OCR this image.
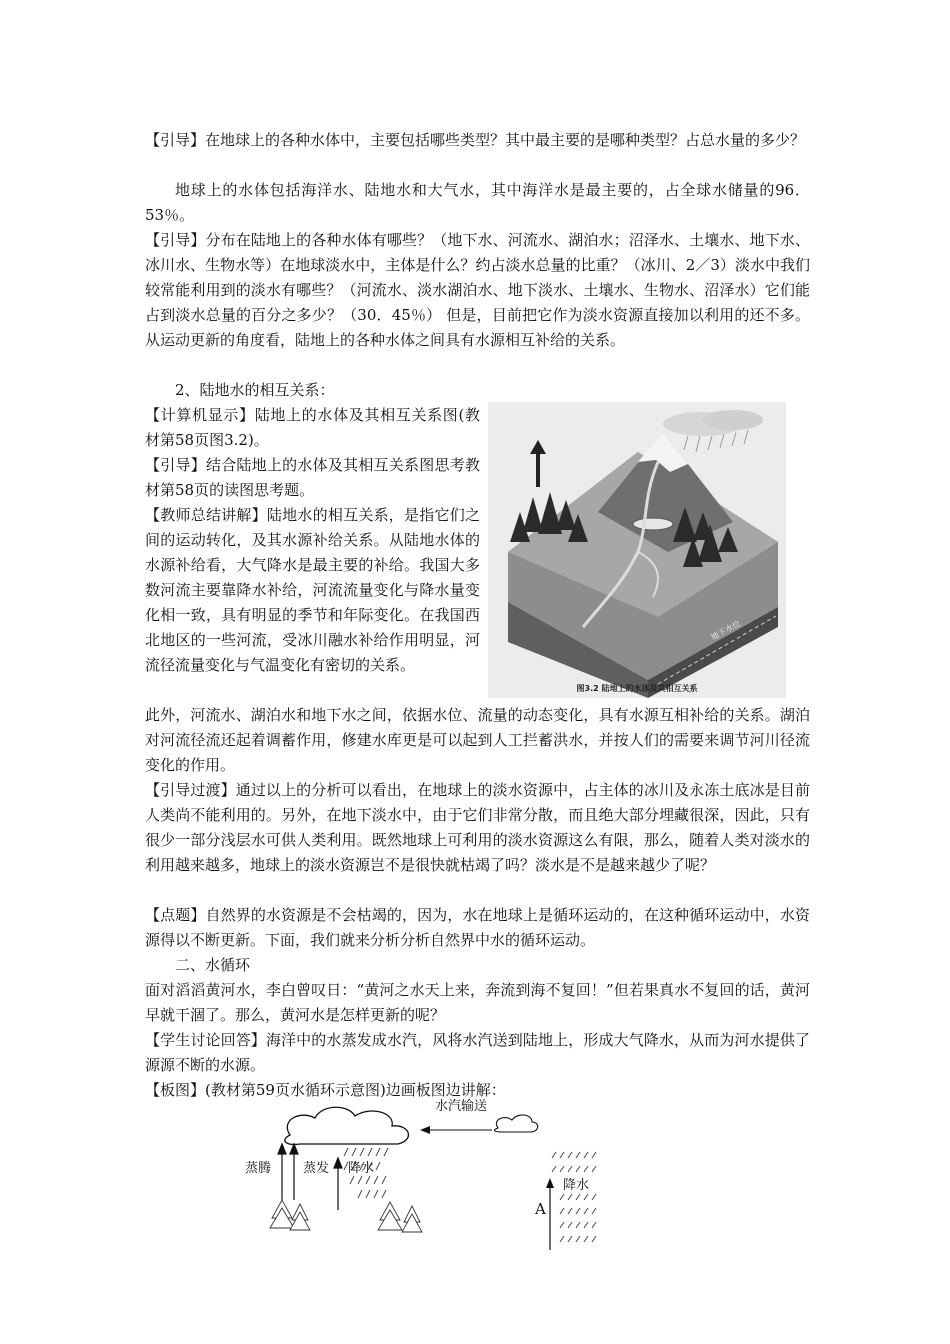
【引导】在地球上的各种水体中，主要包括哪些类型？其中最主要的是哪种类型？占总水量的多少？

地球上的水体包括海洋水、陆地水和大气水，其中海洋水是最主要的，占全球水储量的96．53％。

【引导】分布在陆地上的各种水体有哪些？（地下水、河流水、湖泊水；沼泽水、土壤水、地下水、冰川水、生物水等）在地球淡水中，主体是什么？约占淡水总量的比重？（冰川、2／3）淡水中我们较常能利用到的淡水有哪些？（河流水、淡水湖泊水、地下淡水、土壤水、生物水、沼泽水）它们能占到淡水总量的百分之多少？（30．45％） 但是，目前把它作为淡水资源直接加以利用的还不多。从运动更新的角度看，陆地上的各种水体之间具有水源相互补给的关系。

2、陆地水的相互关系：

【计算机显示】陆地上的水体及其相互关系图(教材第58页图3.2)。

【引导】结合陆地上的水体及其相互关系图思考教材第58页的读图思考题。

【教师总结讲解】陆地水的相互关系，是指它们之间的运动转化，及其水源补给关系。从陆地水体的水源补给看，大气降水是最主要的补给。我国大多数河流主要靠降水补给，河流流量变化与降水量变化相一致，具有明显的季节和年际变化。在我国西北地区的一些河流，受冰川融水补给作用明显，河流径流量变化与气温变化有密切的关系。

地下水位
图3.2 陆地上的水体及其相互关系

此外，河流水、湖泊水和地下水之间，依据水位、流量的动态变化，具有水源互相补给的关系。湖泊对河流径流还起着调蓄作用，修建水库更是可以起到人工拦蓄洪水，并按人们的需要来调节河川径流变化的作用。

【引导过渡】通过以上的分析可以看出，在地球上的淡水资源中，占主体的冰川及永冻土底冰是目前人类尚不能利用的。另外，在地下淡水中，由于它们非常分散，而且绝大部分埋藏很深，因此，只有很少一部分浅层水可供人类利用。既然地球上可利用的淡水资源这么有限，那么，随着人类对淡水的利用越来越多，地球上的淡水资源岂不是很快就枯竭了吗？淡水是不是越来越少了呢？

【点题】自然界的水资源是不会枯竭的，因为，水在地球上是循环运动的，在这种循环运动中，水资源得以不断更新。下面，我们就来分析分析自然界中水的循环运动。

二、水循环

面对滔滔黄河水，李白曾叹日：“黄河之水天上来，奔流到海不复回！”但若果真水不复回的话，黄河早就干涸了。那么，黄河水是怎样更新的呢？

【学生讨论回答】海洋中的水蒸发成水汽，风将水汽送到陆地上，形成大气降水，从而为河水提供了源源不断的水源。

【板图】(教材第59页水循环示意图)边画板图边讲解：

水汽输送
蒸腾 蒸发 降水
降水
A
